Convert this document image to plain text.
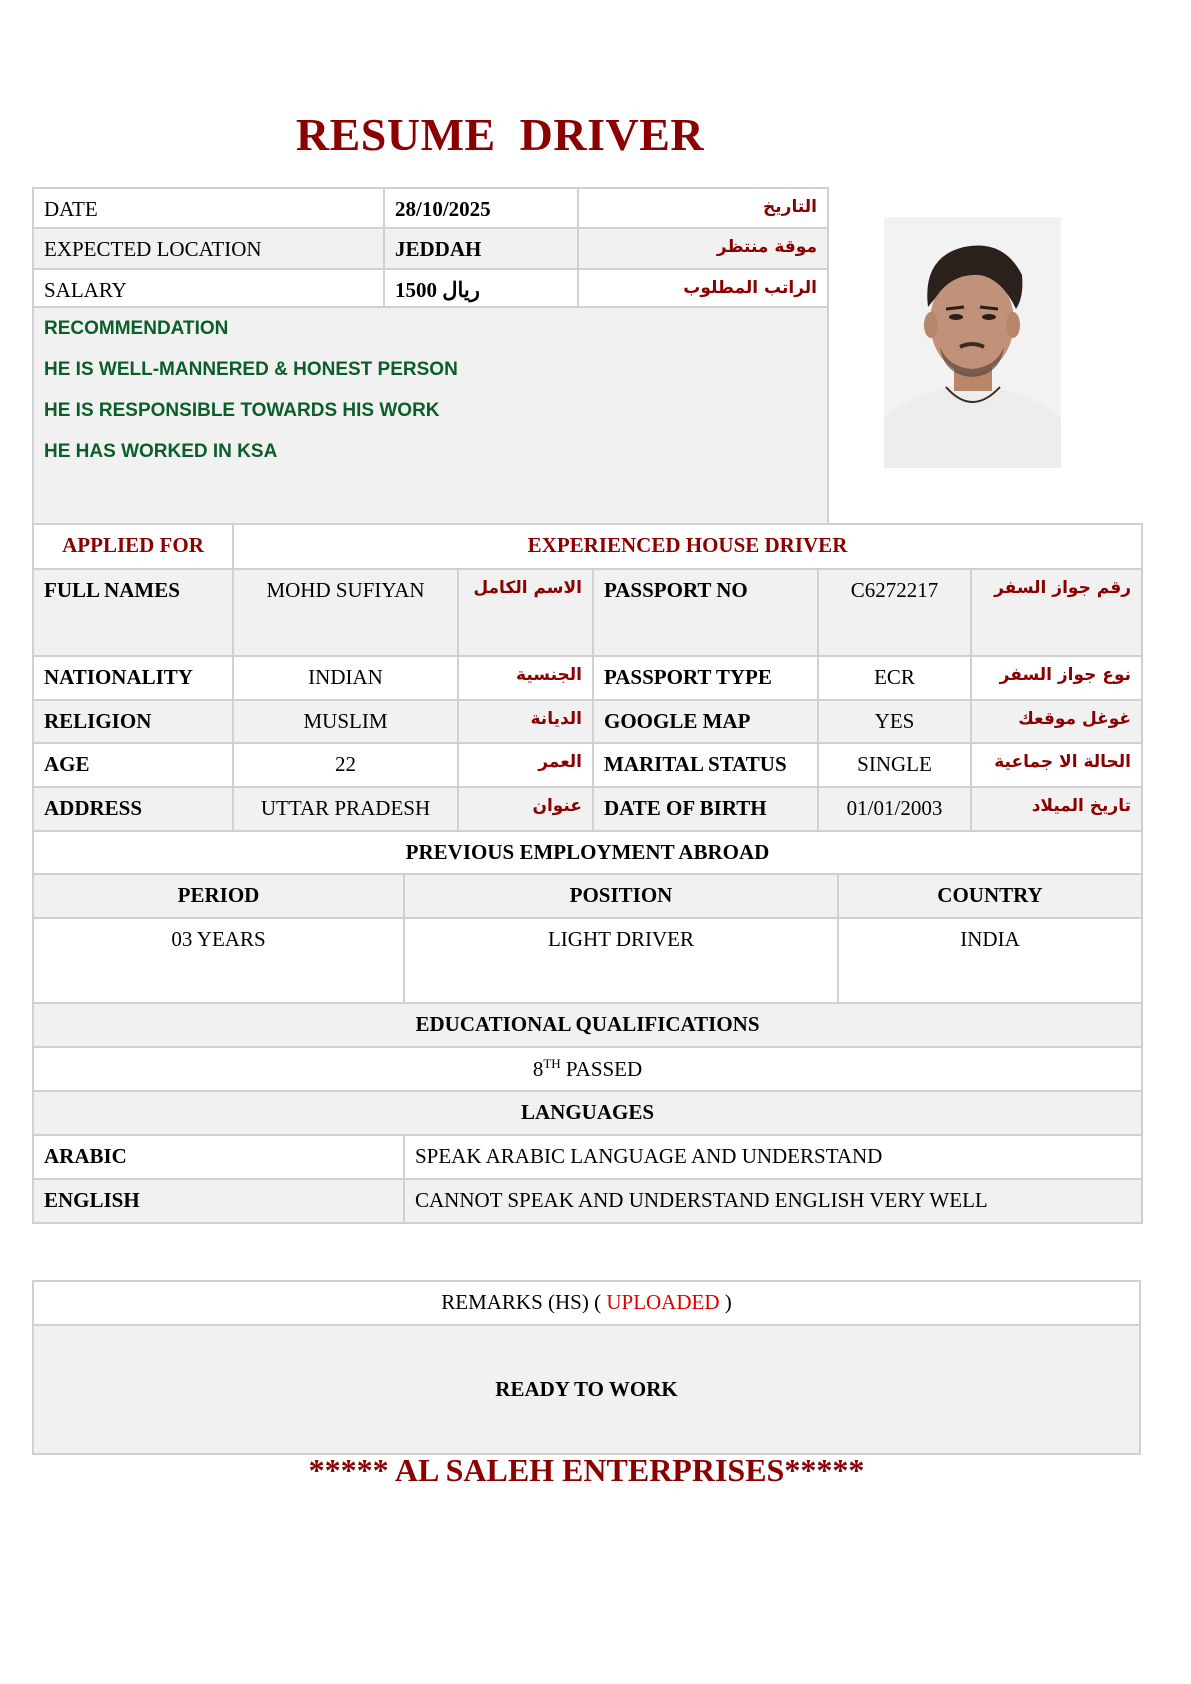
RESUME DRIVER
DATE	28/10/2025	التاريخ
EXPECTED LOCATION	JEDDAH	موقة منتظر
SALARY	1500 ريال	الراتب المطلوب

RECOMMENDATION

HE IS WELL-MANNERED & HONEST PERSON

HE IS RESPONSIBLE TOWARDS HIS WORK

HE HAS WORKED IN KSA		

APPLIED FOR	EXPERIENCED HOUSE DRIVER				
FULL NAMES	MOHD SUFIYAN	الاسم الكامل	PASSPORT NO	C6272217	رقم جواز السفر
NATIONALITY	INDIAN	الجنسية	PASSPORT TYPE	ECR	نوع جواز السفر
RELIGION	MUSLIM	الديانة	GOOGLE MAP	YES	غوغل موقعك
AGE	22	العمر	MARITAL STATUS	SINGLE	الحالة الا جماعية
ADDRESS	UTTAR PRADESH	عنوان	DATE OF BIRTH	01/01/2003	تاريخ الميلاد
PREVIOUS EMPLOYMENT ABROAD		
PERIOD	POSITION	COUNTRY
03 YEARS	LIGHT DRIVER	INDIA
EDUCATIONAL QUALIFICATIONS		
8TH PASSED		
LANGUAGES		
ARABIC	SPEAK ARABIC LANGUAGE AND UNDERSTAND	
ENGLISH	CANNOT SPEAK AND UNDERSTAND ENGLISH VERY WELL	
REMARKS (HS) ( UPLOADED )
READY TO WORK
***** AL SALEH ENTERPRISES*****
